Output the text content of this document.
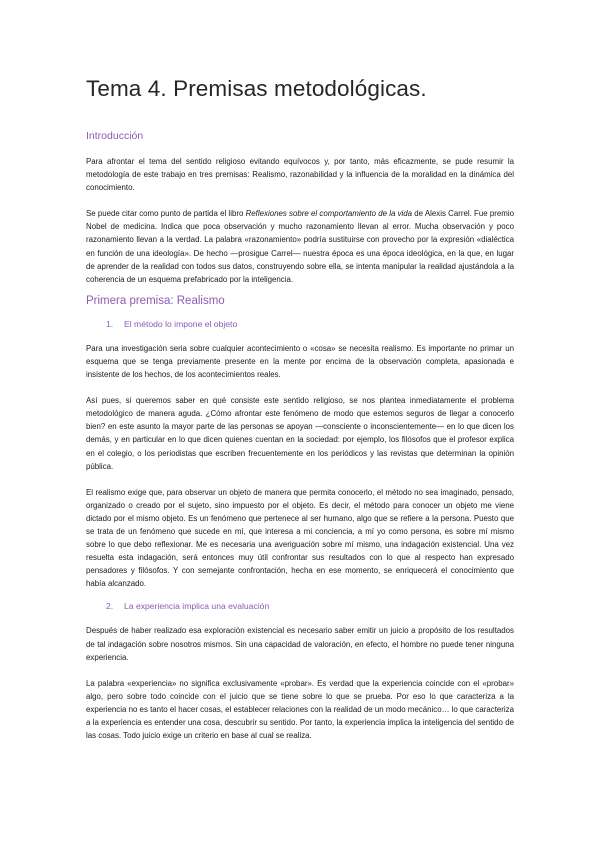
Tema 4. Premisas metodológicas.
Introducción

Para afrontar el tema del sentido religioso evitando equívocos y, por tanto, más eficazmente, se pude resumir la metodología de este trabajo en tres premisas: Realismo, razonabilidad y la influencia de la moralidad en la dinámica del conocimiento.

Se puede citar como punto de partida el libro Reflexiones sobre el comportamiento de la vida de Alexis Carrel. Fue premio Nobel de medicina. Indica que poca observación y mucho razonamiento llevan al error. Mucha observación y poco razonamiento llevan a la verdad. La palabra «razonamiento» podría sustituirse con provecho por la expresión «dialéctica en función de una ideología». De hecho —prosigue Carrel— nuestra época es una época ideológica, en la que, en lugar de aprender de la realidad con todos sus datos, construyendo sobre ella, se intenta manipular la realidad ajustándola a la coherencia de un esquema prefabricado por la inteligencia.

Primera premisa: Realismo
1. El método lo impone el objeto

Para una investigación seria sobre cualquier acontecimiento o «cosa» se necesita realismo. Es importante no primar un esquema que se tenga previamente presente en la mente por encima de la observación completa, apasionada e insistente de los hechos, de los acontecimientos reales.

Así pues, si queremos saber en qué consiste este sentido religioso, se nos plantea inmediatamente el problema metodológico de manera aguda. ¿Cómo afrontar este fenómeno de modo que estemos seguros de llegar a conocerlo bien? en este asunto la mayor parte de las personas se apoyan —consciente o inconscientemente— en lo que dicen los demás, y en particular en lo que dicen quienes cuentan en la sociedad: por ejemplo, los filósofos que el profesor explica en el colegio, o los periodistas que escriben frecuentemente en los periódicos y las revistas que determinan la opinión pública.

El realismo exige que, para observar un objeto de manera que permita conocerlo, el método no sea imaginado, pensado, organizado o creado por el sujeto, sino impuesto por el objeto. Es decir, el método para conocer un objeto me viene dictado por el mismo objeto. Es un fenómeno que pertenece al ser humano, algo que se refiere a la persona. Puesto que se trata de un fenómeno que sucede en mí, que interesa a mi conciencia, a mí yo como persona, es sobre mí mismo sobre lo que debo reflexionar. Me es necesaria una averiguación sobre mí mismo, una indagación existencial. Una vez resuelta esta indagación, será entonces muy útil confrontar sus resultados con lo que al respecto han expresado pensadores y filósofos. Y con semejante confrontación, hecha en ese momento, se enriquecerá el conocimiento que había alcanzado.

2. La experiencia implica una evaluación

Después de haber realizado esa exploración existencial es necesario saber emitir un juicio a propósito de los resultados de tal indagación sobre nosotros mismos. Sin una capacidad de valoración, en efecto, el hombre no puede tener ninguna experiencia.

La palabra «experiencia» no significa exclusivamente «probar». Es verdad que la experiencia coincide con el «probar» algo, pero sobre todo coincide con el juicio que se tiene sobre lo que se prueba. Por eso lo que caracteriza a la experiencia no es tanto el hacer cosas, el establecer relaciones con la realidad de un modo mecánico… lo que caracteriza a la experiencia es entender una cosa, descubrir su sentido. Por tanto, la experiencia implica la inteligencia del sentido de las cosas. Todo juicio exige un criterio en base al cual se realiza.
